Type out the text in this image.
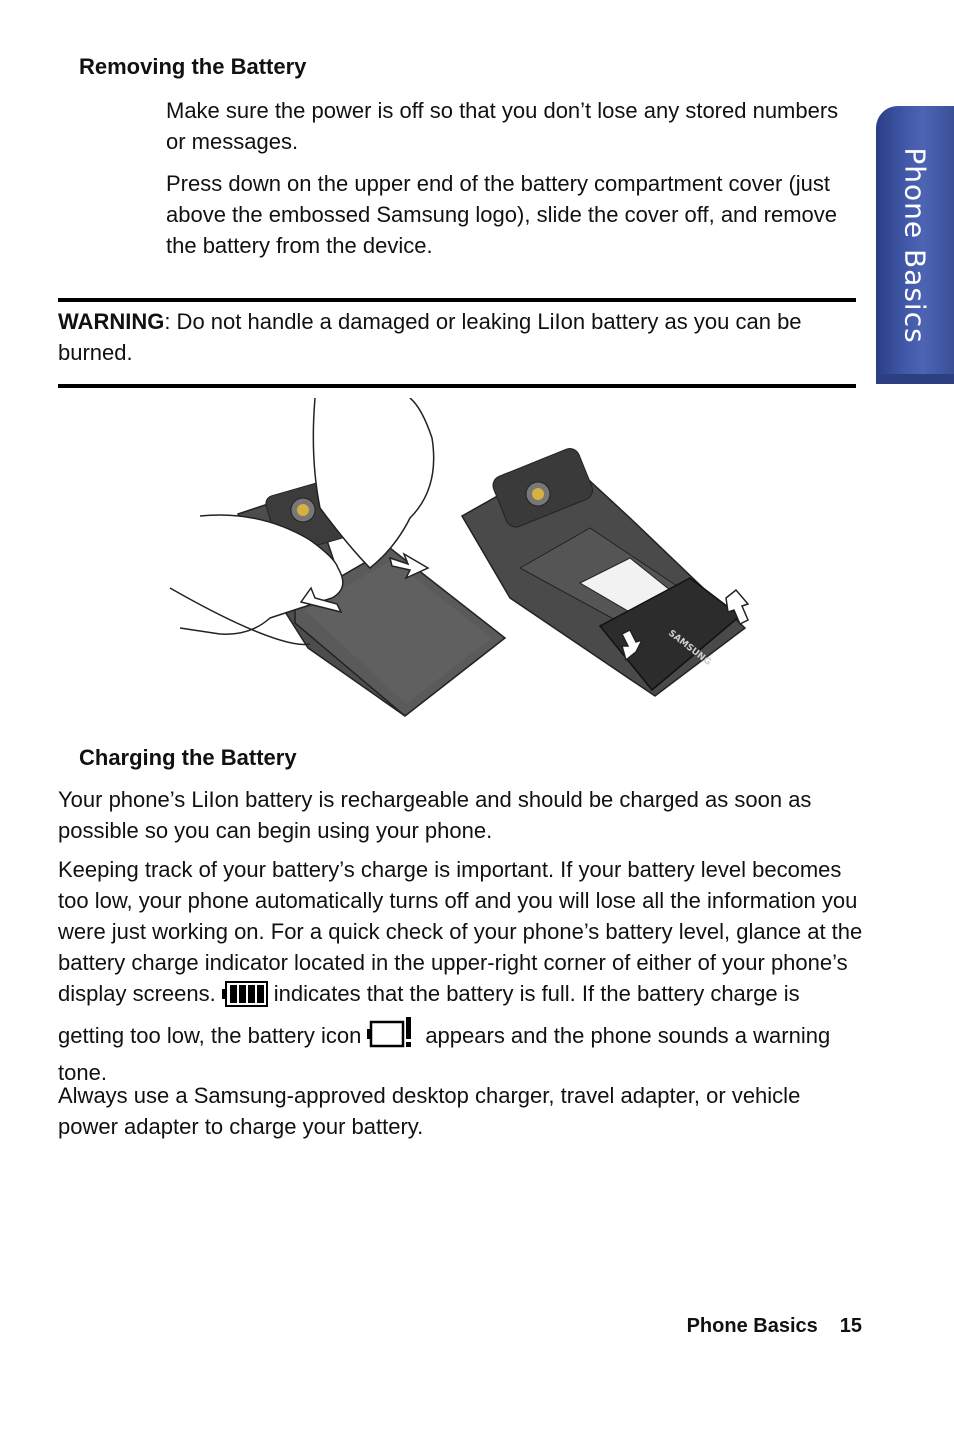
Phone Basics
Removing the Battery
Make sure the power is off so that you don’t lose any stored numbers or messages.
Press down on the upper end of the battery compartment cover (just above the embossed Samsung logo), slide the cover off, and remove the battery from the device.
WARNING: Do not handle a damaged or leaking LiIon battery as you can be burned.
SAMSUNG
Charging the Battery
Your phone’s LiIon battery is rechargeable and should be charged as soon as possible so you can begin using your phone.
Keeping track of your battery’s charge is important. If your battery level becomes too low, your phone automatically turns off and you will lose all the information you were just working on. For a quick check of your phone’s battery level, glance at the battery charge indicator located in the upper-right corner of either of your phone’s display screens.	indicates that the battery is full. If the battery charge is getting too low, the battery icon	appears and the phone sounds a warning tone.
Always use a Samsung-approved desktop charger, travel adapter, or vehicle power adapter to charge your battery.
Phone Basics 15
